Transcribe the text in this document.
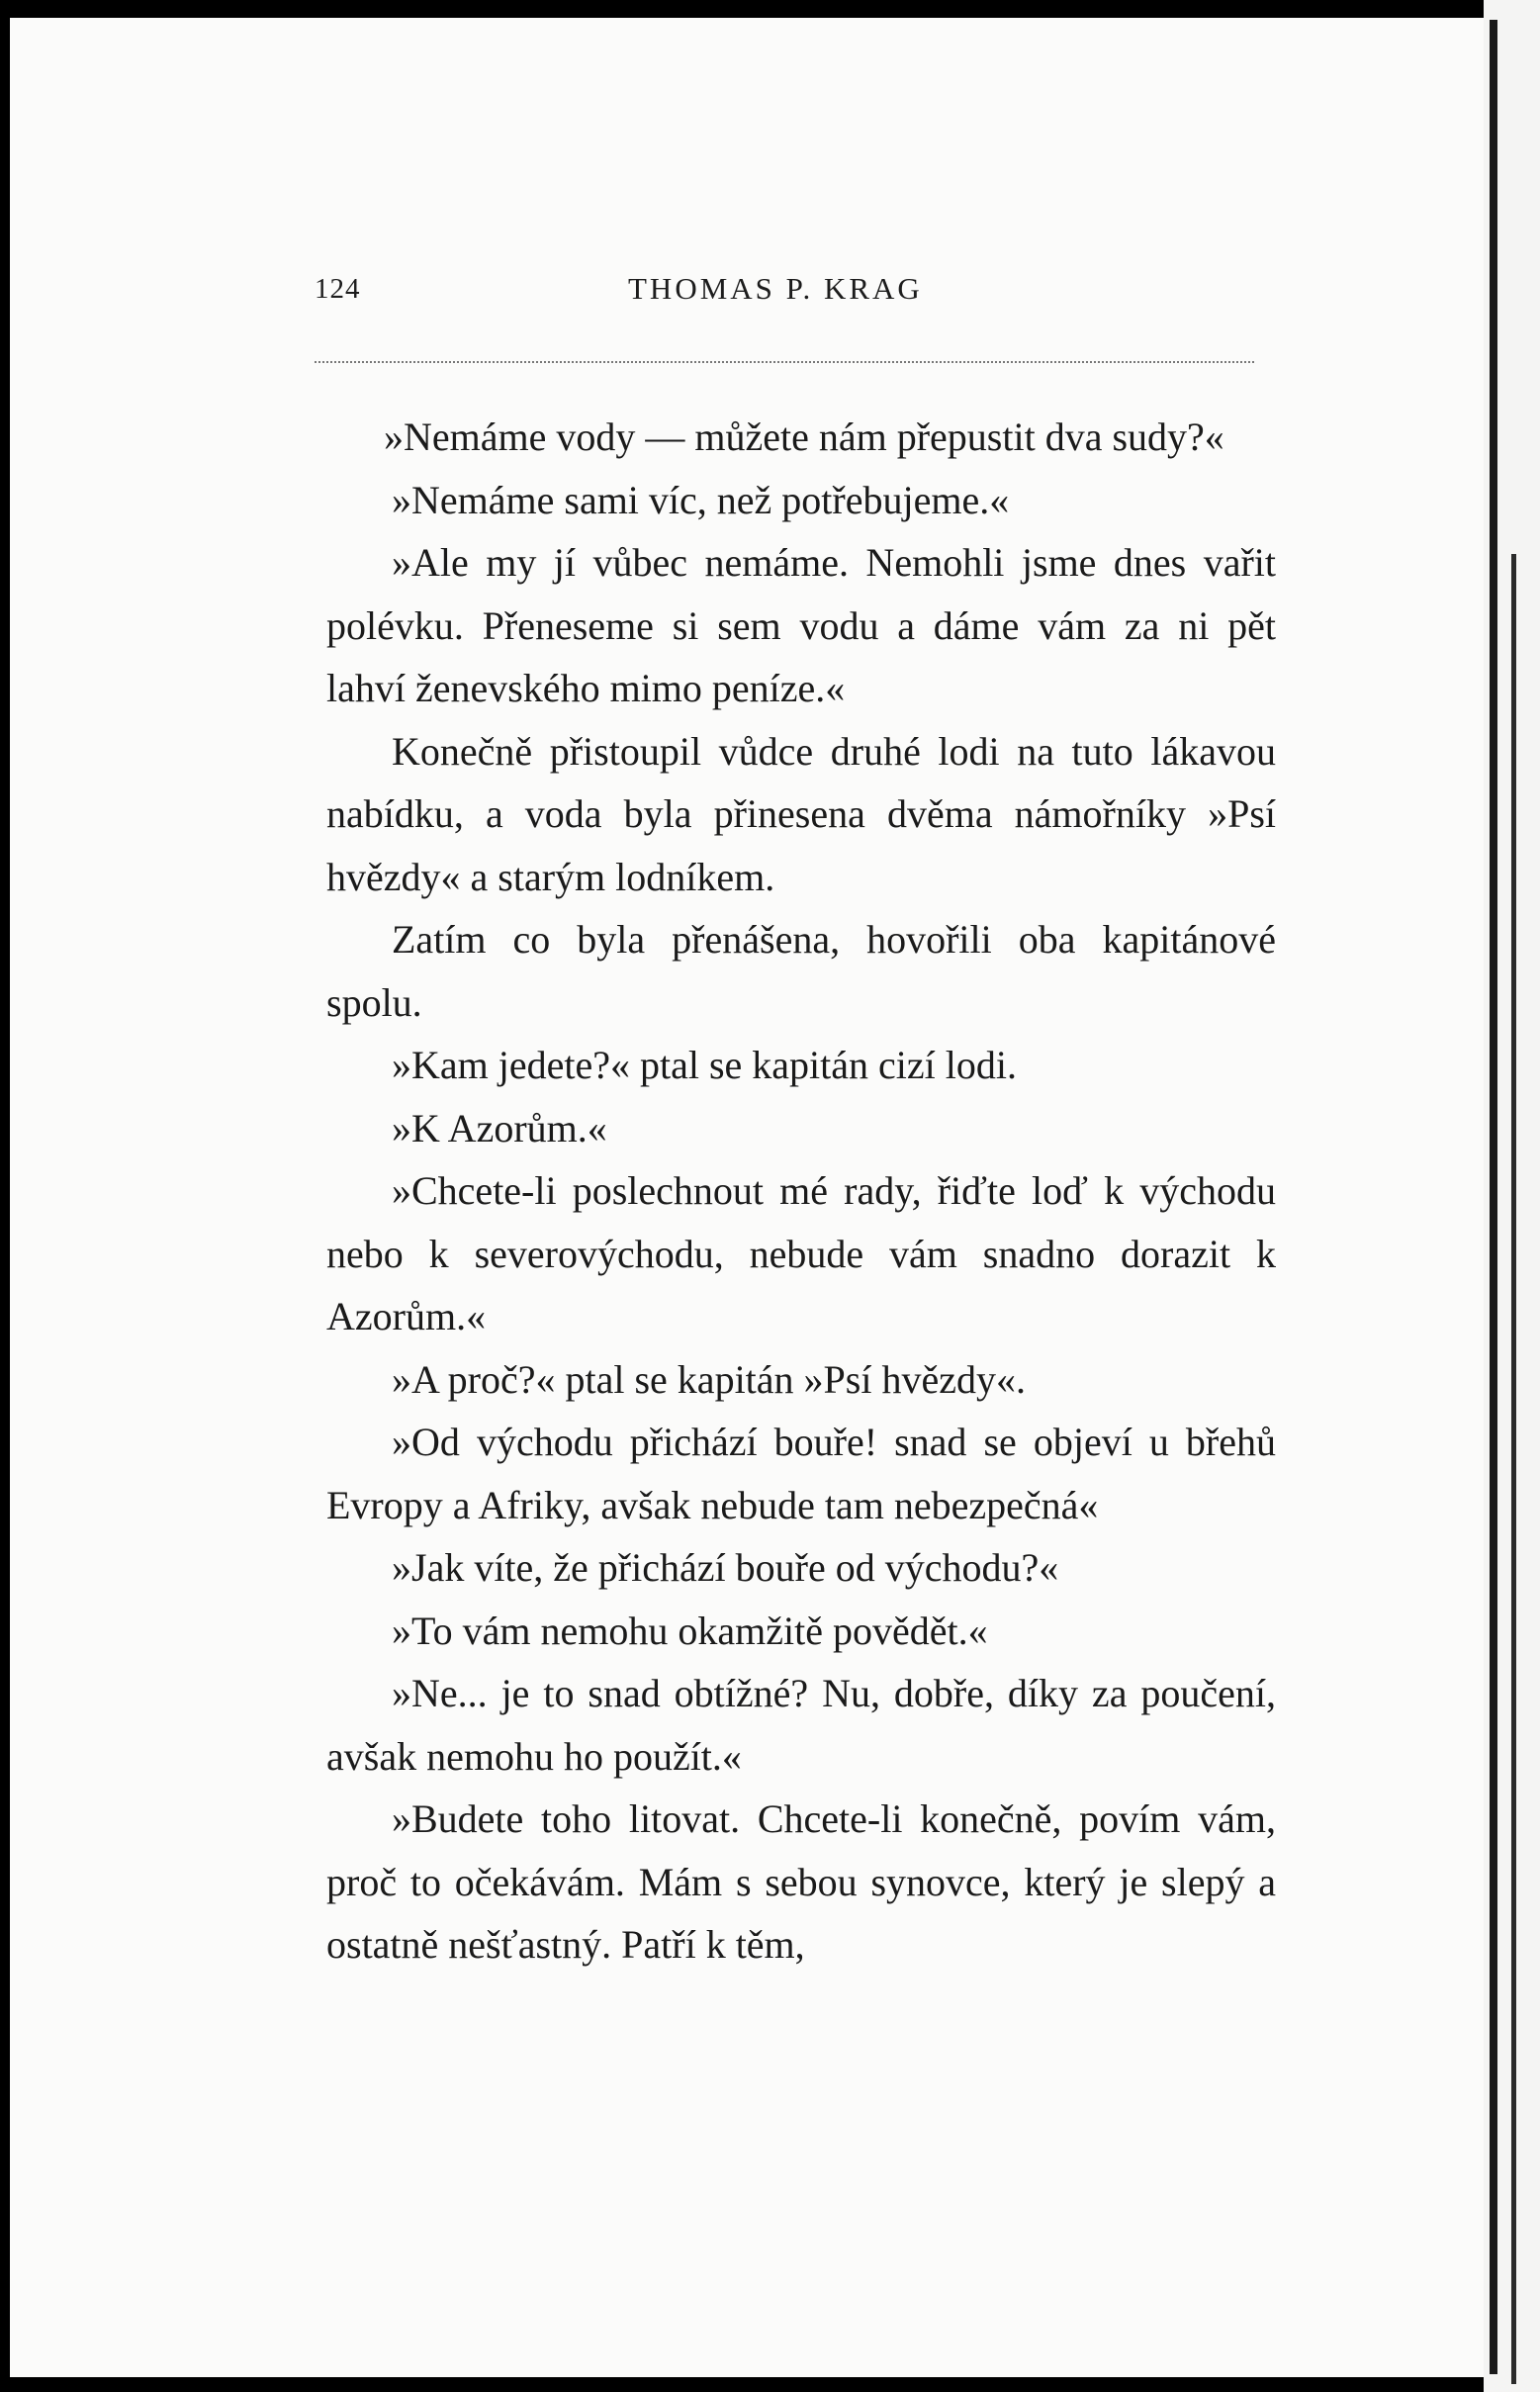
124	THOMAS P. KRAG

»Nemáme vody — můžete nám přepustit dva sudy?«

»Nemáme sami víc, než potřebujeme.«

»Ale my jí vůbec nemáme. Nemohli jsme dnes vařit polévku. Přeneseme si sem vodu a dáme vám za ni pět lahví ženevského mimo peníze.«

Konečně přistoupil vůdce druhé lodi na tuto lákavou nabídku, a voda byla přinesena dvěma námořníky »Psí hvězdy« a starým lodníkem.

Zatím co byla přenášena, hovořili oba kapitánové spolu.

»Kam jedete?« ptal se kapitán cizí lodi.

»K Azorům.«

»Chcete-li poslechnout mé rady, řiďte loď k východu nebo k severovýchodu, nebude vám snadno dorazit k Azorům.«

»A proč?« ptal se kapitán »Psí hvězdy«.

»Od východu přichází bouře! snad se objeví u břehů Evropy a Afriky, avšak nebude tam nebezpečná«

»Jak víte, že přichází bouře od východu?«

»To vám nemohu okamžitě povědět.«

»Ne... je to snad obtížné? Nu, dobře, díky za poučení, avšak nemohu ho použít.«

»Budete toho litovat. Chcete-li konečně, povím vám, proč to očekávám. Mám s sebou synovce, který je slepý a ostatně nešťastný. Patří k těm,
